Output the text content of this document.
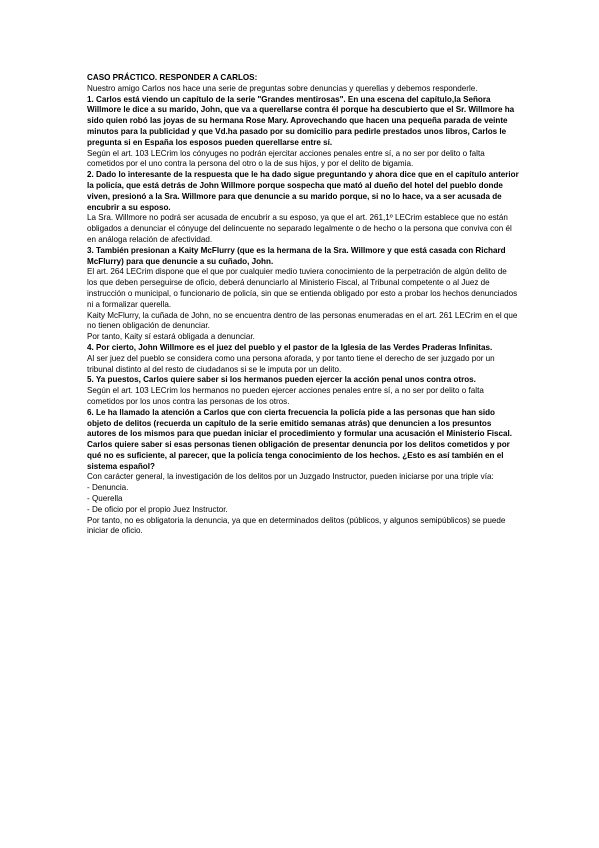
CASO PRÁCTICO. RESPONDER A CARLOS:

Nuestro amigo Carlos nos hace una serie de preguntas sobre denuncias y querellas y debemos responderle.

1. Carlos está viendo un capítulo de la serie "Grandes mentirosas". En una escena del capítulo,la Señora Willmore le dice a su marido, John, que va a querellarse contra él porque ha descubierto que el Sr. Willmore ha sido quien robó las joyas de su hermana Rose Mary. Aprovechando que hacen una pequeña parada de veinte minutos para la publicidad y que Vd.ha pasado por su domicilio para pedirle prestados unos libros, Carlos le pregunta si en España los esposos pueden querellarse entre sí.

Según el art. 103 LECrim los cónyuges no podrán ejercitar acciones penales entre sí, a no ser por delito o falta cometidos por el uno contra la persona del otro o la de sus hijos, y por el delito de bigamia.

2. Dado lo interesante de la respuesta que le ha dado sigue preguntando y ahora dice que en el capítulo anterior la policía, que está detrás de John Willmore porque sospecha que mató al dueño del hotel del pueblo donde viven, presionó a la Sra. Willmore para que denuncie a su marido porque, si no lo hace, va a ser acusada de encubrir a su esposo.

La Sra. Willmore no podrá ser acusada de encubrir a su esposo, ya que el art. 261,1º LECrim establece que no están obligados a denunciar el cónyuge del delincuente no separado legalmente o de hecho o la persona que conviva con él en análoga relación de afectividad.

3. También presionan a Kaity McFlurry (que es la hermana de la Sra. Willmore y que está casada con Richard McFlurry) para que denuncie a su cuñado, John.

El art. 264 LECrim dispone que el que por cualquier medio tuviera conocimiento de la perpetración de algún delito de los que deben perseguirse de oficio, deberá denunciarlo al Ministerio Fiscal, al Tribunal competente o al Juez de instrucción o municipal, o funcionario de policía, sin que se entienda obligado por esto a probar los hechos denunciados ni a formalizar querella.

Kaity McFlurry, la cuñada de John, no se encuentra dentro de las personas enumeradas en el art. 261 LECrim en el que no tienen obligación de denunciar.

Por tanto, Kaity sí estará obligada a denunciar.

4. Por cierto, John Willmore es el juez del pueblo y el pastor de la Iglesia de las Verdes Praderas Infinitas.

Al ser juez del pueblo se considera como una persona aforada, y por tanto tiene el derecho de ser juzgado por un tribunal distinto al del resto de ciudadanos si se le imputa por un delito.

5. Ya puestos, Carlos quiere saber si los hermanos pueden ejercer la acción penal unos contra otros.

Según el art. 103 LECrim los hermanos no pueden ejercer acciones penales entre sí, a no ser por delito o falta cometidos por los unos contra las personas de los otros.

6. Le ha llamado la atención a Carlos que con cierta frecuencia la policía pide a las personas que han sido objeto de delitos (recuerda un capítulo de la serie emitido semanas atrás) que denuncien a los presuntos autores de los mismos para que puedan iniciar el procedimiento y formular una acusación el Ministerio Fiscal. Carlos quiere saber si esas personas tienen obligación de presentar denuncia por los delitos cometidos y por qué no es suficiente, al parecer, que la policía tenga conocimiento de los hechos. ¿Esto es así también en el sistema español?

Con carácter general, la investigación de los delitos por un Juzgado Instructor, pueden iniciarse por una triple vía:

- Denuncia.

- Querella

- De oficio por el propio Juez Instructor.

Por tanto, no es obligatoria la denuncia, ya que en determinados delitos (públicos, y algunos semipúblicos) se puede iniciar de oficio.
